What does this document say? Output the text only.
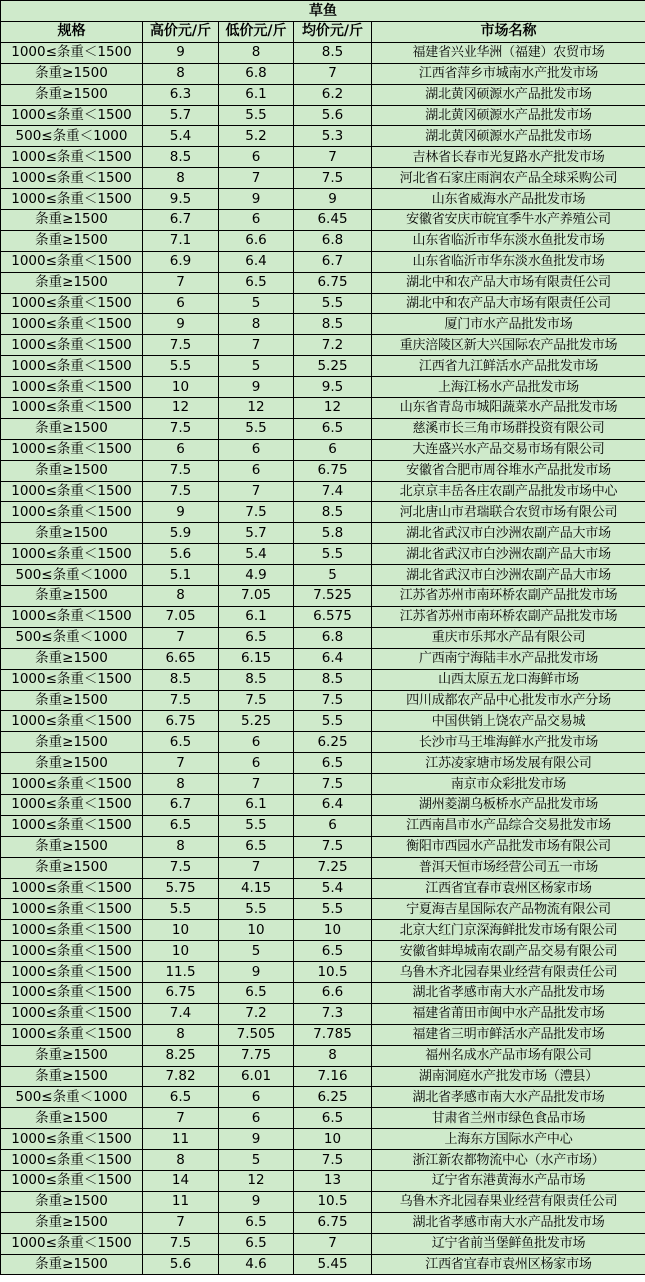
草鱼				
规格	高价元/斤	低价元/斤	均价元/斤	市场名称
1000≤条重＜1500	9	8	8.5	福建省兴业华洲（福建）农贸市场
条重≥1500	8	6.8	7	江西省萍乡市城南水产批发市场
条重≥1500	6.3	6.1	6.2	湖北黄冈硕源水产品批发市场
1000≤条重＜1500	5.7	5.5	5.6	湖北黄冈硕源水产品批发市场
500≤条重＜1000	5.4	5.2	5.3	湖北黄冈硕源水产品批发市场
1000≤条重＜1500	8.5	6	7	吉林省长春市光复路水产批发市场
1000≤条重＜1500	8	7	7.5	河北省石家庄雨润农产品全球采购公司
1000≤条重＜1500	9.5	9	9	山东省威海水产品批发市场
条重≥1500	6.7	6	6.45	安徽省安庆市皖宜季牛水产养殖公司
条重≥1500	7.1	6.6	6.8	山东省临沂市华东淡水鱼批发市场
1000≤条重＜1500	6.9	6.4	6.7	山东省临沂市华东淡水鱼批发市场
条重≥1500	7	6.5	6.75	湖北中和农产品大市场有限责任公司
1000≤条重＜1500	6	5	5.5	湖北中和农产品大市场有限责任公司
1000≤条重＜1500	9	8	8.5	厦门市水产品批发市场
1000≤条重＜1500	7.5	7	7.2	重庆涪陵区新大兴国际农产品批发市场
1000≤条重＜1500	5.5	5	5.25	江西省九江鲜活水产品批发市场
1000≤条重＜1500	10	9	9.5	上海江杨水产品批发市场
1000≤条重＜1500	12	12	12	山东省青岛市城阳蔬菜水产品批发市场
条重≥1500	7.5	5.5	6.5	慈溪市长三角市场群投资有限公司
1000≤条重＜1500	6	6	6	大连盛兴水产品交易市场有限公司
条重≥1500	7.5	6	6.75	安徽省合肥市周谷堆水产品批发市场
1000≤条重＜1500	7.5	7	7.4	北京京丰岳各庄农副产品批发市场中心
1000≤条重＜1500	9	7.5	8.5	河北唐山市君瑞联合农贸市场有限公司
条重≥1500	5.9	5.7	5.8	湖北省武汉市白沙洲农副产品大市场
1000≤条重＜1500	5.6	5.4	5.5	湖北省武汉市白沙洲农副产品大市场
500≤条重＜1000	5.1	4.9	5	湖北省武汉市白沙洲农副产品大市场
条重≥1500	8	7.05	7.525	江苏省苏州市南环桥农副产品批发市场
1000≤条重＜1500	7.05	6.1	6.575	江苏省苏州市南环桥农副产品批发市场
500≤条重＜1000	7	6.5	6.8	重庆市乐邦水产品有限公司
条重≥1500	6.65	6.15	6.4	广西南宁海陆丰水产品批发市场
1000≤条重＜1500	8.5	8.5	8.5	山西太原五龙口海鲜市场
条重≥1500	7.5	7.5	7.5	四川成都农产品中心批发市水产分场
1000≤条重＜1500	6.75	5.25	5.5	中国供销上饶农产品交易城
条重≥1500	6.5	6	6.25	长沙市马王堆海鲜水产批发市场
条重≥1500	7	6	6.5	江苏凌家塘市场发展有限公司
1000≤条重＜1500	8	7	7.5	南京市众彩批发市场
1000≤条重＜1500	6.7	6.1	6.4	湖州菱湖乌板桥水产品批发市场
1000≤条重＜1500	6.5	5.5	6	江西南昌市水产品综合交易批发市场
条重≥1500	8	6.5	7.5	衡阳市西园水产品批发市场有限公司
条重≥1500	7.5	7	7.25	普洱天恒市场经营公司五一市场
1000≤条重＜1500	5.75	4.15	5.4	江西省宜春市袁州区杨家市场
1000≤条重＜1500	5.5	5.5	5.5	宁夏海吉星国际农产品物流有限公司
1000≤条重＜1500	10	10	10	北京大红门京深海鲜批发市场有限公司
1000≤条重＜1500	10	5	6.5	安徽省蚌埠城南农副产品交易有限公司
1000≤条重＜1500	11.5	9	10.5	乌鲁木齐北园春果业经营有限责任公司
1000≤条重＜1500	6.75	6.5	6.6	湖北省孝感市南大水产品批发市场
1000≤条重＜1500	7.4	7.2	7.3	福建省莆田市闽中水产品批发市场
1000≤条重＜1500	8	7.505	7.785	福建省三明市鲜活水产品批发市场
条重≥1500	8.25	7.75	8	福州名成水产品市场有限公司
条重≥1500	7.82	6.01	7.16	湖南洞庭水产批发市场（澧县）
500≤条重＜1000	6.5	6	6.25	湖北省孝感市南大水产品批发市场
条重≥1500	7	6	6.5	甘肃省兰州市绿色食品市场
1000≤条重＜1500	11	9	10	上海东方国际水产中心
1000≤条重＜1500	8	5	7.5	浙江新农都物流中心（水产市场）
1000≤条重＜1500	14	12	13	辽宁省东港黄海水产品市场
条重≥1500	11	9	10.5	乌鲁木齐北园春果业经营有限责任公司
条重≥1500	7	6.5	6.75	湖北省孝感市南大水产品批发市场
1000≤条重＜1500	7.5	6.5	7	辽宁省前当堡鲜鱼批发市场
条重≥1500	5.6	4.6	5.45	江西省宜春市袁州区杨家市场
